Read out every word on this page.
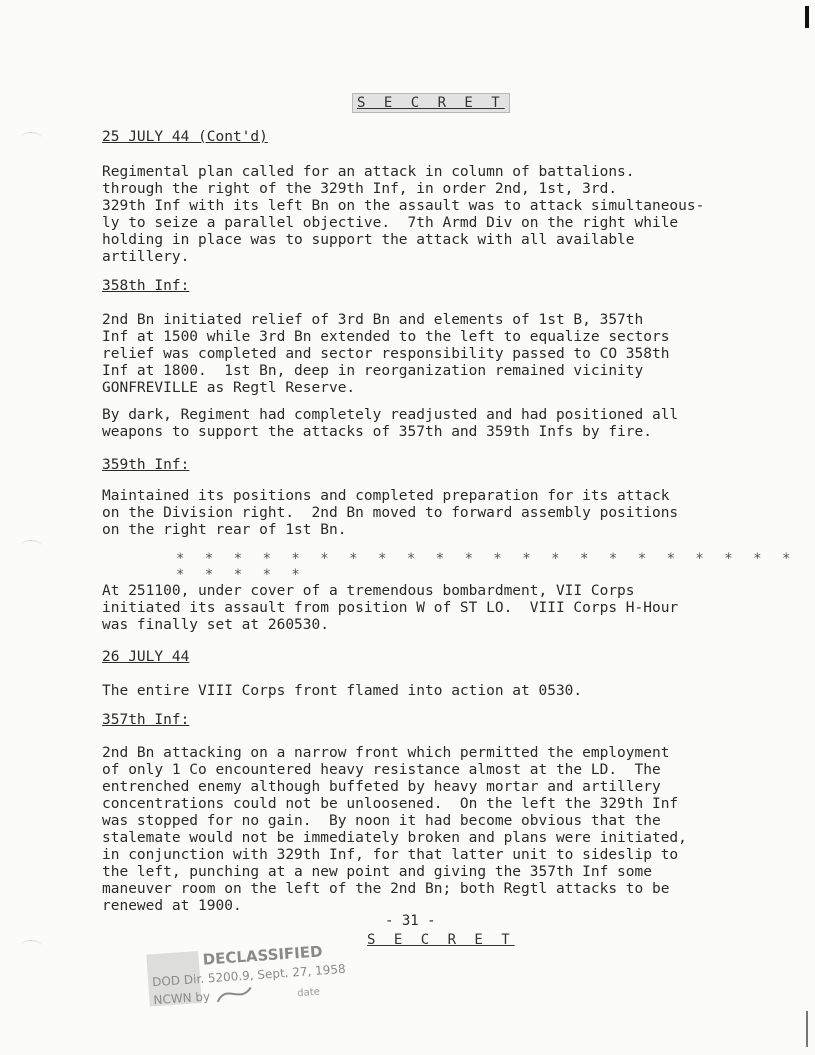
S E C R E T
25 JULY 44 (Cont'd)
Regimental plan called for an attack in column of battalions.
through the right of the 329th Inf, in order 2nd, 1st, 3rd.
329th Inf with its left Bn on the assault was to attack simultaneous-
ly to seize a parallel objective.  7th Armd Div on the right while
holding in place was to support the attack with all available
artillery.
358th Inf:
2nd Bn initiated relief of 3rd Bn and elements of 1st B, 357th
Inf at 1500 while 3rd Bn extended to the left to equalize sectors
relief was completed and sector responsibility passed to CO 358th
Inf at 1800.  1st Bn, deep in reorganization remained vicinity
GONFREVILLE as Regtl Reserve.
By dark, Regiment had completely readjusted and had positioned all
weapons to support the attacks of 357th and 359th Infs by fire.
359th Inf:
Maintained its positions and completed preparation for its attack
on the Division right.  2nd Bn moved to forward assembly positions
on the right rear of 1st Bn.
* * * * * * * * * * * * * * * * * * * * * * * * * * *
At 251100, under cover of a tremendous bombardment, VII Corps
initiated its assault from position W of ST LO.  VIII Corps H-Hour
was finally set at 260530.
26 JULY 44
The entire VIII Corps front flamed into action at 0530.
357th Inf:
2nd Bn attacking on a narrow front which permitted the employment
of only 1 Co encountered heavy resistance almost at the LD.  The
entrenched enemy although buffeted by heavy mortar and artillery
concentrations could not be unloosened.  On the left the 329th Inf
was stopped for no gain.  By noon it had become obvious that the
stalemate would not be immediately broken and plans were initiated,
in conjunction with 329th Inf, for that latter unit to sideslip to
the left, punching at a new point and giving the 357th Inf some
maneuver room on the left of the 2nd Bn; both Regtl attacks to be
renewed at 1900.
- 31 -
S E C R E T
DECLASSIFIED
DOD Dir. 5200.9, Sept. 27, 1958
NCWN by	date
